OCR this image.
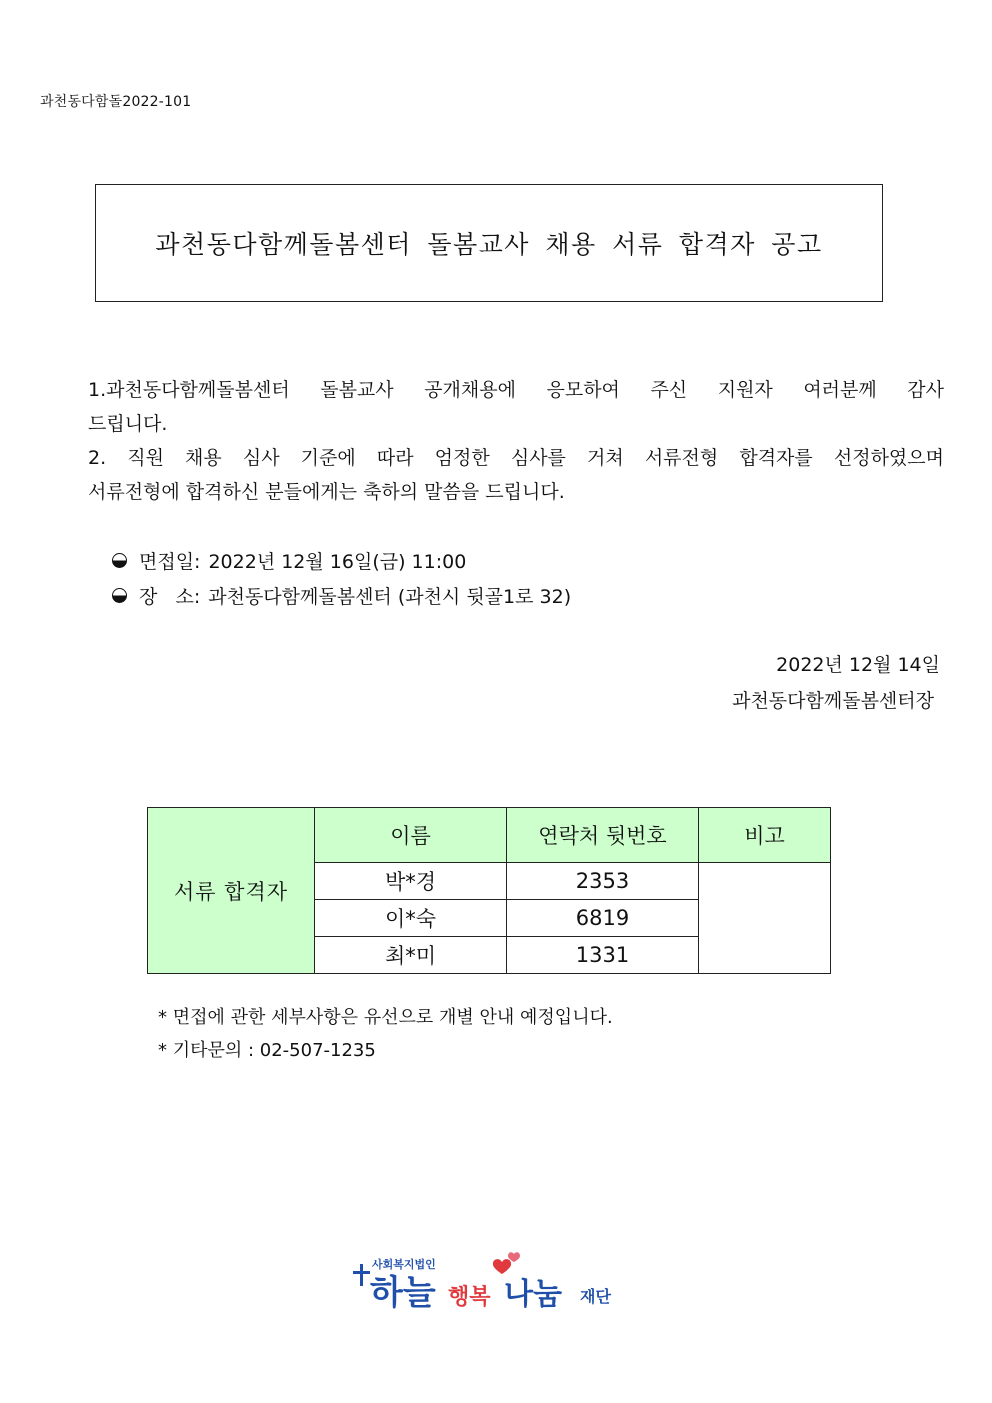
과천동다함돌2022-101
과천동다함께돌봄센터 돌봄교사 채용 서류 합격자 공고
1.과천동다함께돌봄센터 돌봄교사 공개채용에 응모하여 주신 지원자 여러분께 감사
드립니다.
2. 직원 채용 심사 기준에 따라 엄정한 심사를 거쳐 서류전형 합격자를 선정하였으며
서류전형에 합격하신 분들에게는 축하의 말씀을 드립니다.
면접일: 2022년 12월 16일(금) 11:00
장   소: 과천동다함께돌봄센터 (과천시 뒷골1로 32)
2022년 12월 14일
과천동다함께돌봄센터장
서류 합격자	이름	연락처 뒷번호	비고
	박*경	2353	
	이*숙	6819	
	최*미	1331	
* 면접에 관한 세부사항은 유선으로 개별 안내 예정입니다.
* 기타문의 : 02-507-1235
사회복지법인
하늘 행복 나눔 재단
